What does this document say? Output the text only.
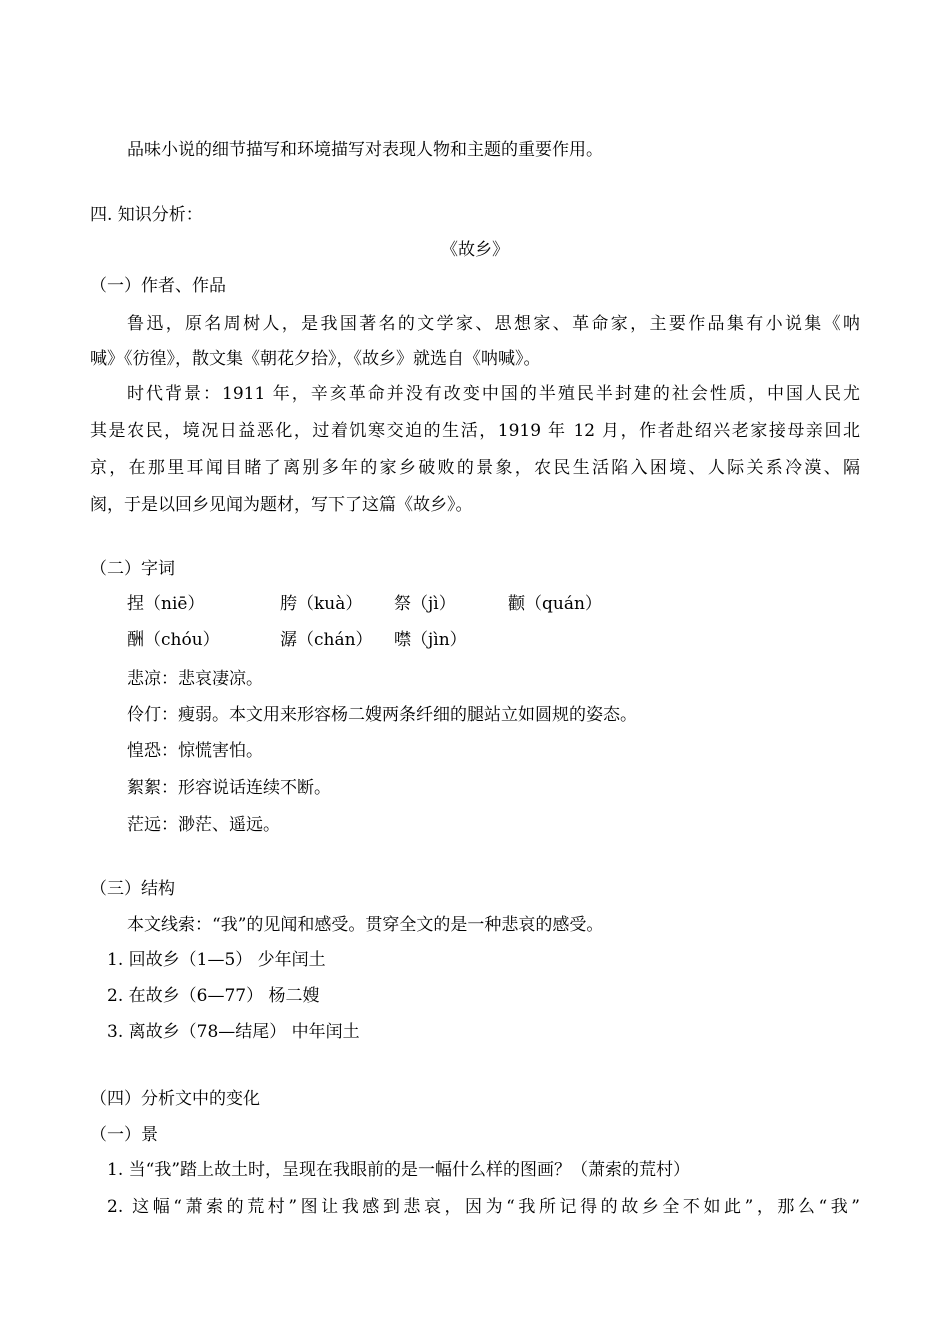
品味小说的细节描写和环境描写对表现人物和主题的重要作用。
四. 知识分析：
《故乡》
（一）作者、作品
鲁迅，原名周树人，是我国著名的文学家、思想家、革命家，主要作品集有小说集《呐
喊》《彷徨》，散文集《朝花夕拾》，《故乡》就选自《呐喊》。
时代背景：1911 年，辛亥革命并没有改变中国的半殖民半封建的社会性质，中国人民尤
其是农民，境况日益恶化，过着饥寒交迫的生活，1919 年 12 月，作者赴绍兴老家接母亲回北
京，在那里耳闻目睹了离别多年的家乡破败的景象，农民生活陷入困境、人际关系冷漠、隔
阂，于是以回乡见闻为题材，写下了这篇《故乡》。
（二）字词
捏（niē）	胯（kuà） 祭（jì）	颧（quán）
酬（chóu）	潺（chán） 噤（jìn）
悲凉：悲哀凄凉。
伶仃：瘦弱。本文用来形容杨二嫂两条纤细的腿站立如圆规的姿态。
惶恐：惊慌害怕。
絮絮：形容说话连续不断。
茫远：渺茫、遥远。
（三）结构
本文线索：“我”的见闻和感受。贯穿全文的是一种悲哀的感受。
1. 回故乡（1—5） 少年闰土
2. 在故乡（6—77） 杨二嫂
3. 离故乡（78—结尾） 中年闰土
（四）分析文中的变化
（一）景
1. 当“我”踏上故土时，呈现在我眼前的是一幅什么样的图画？（萧索的荒村）
2. 这幅“萧索的荒村”图让我感到悲哀，因为“我所记得的故乡全不如此”，那么“我”
